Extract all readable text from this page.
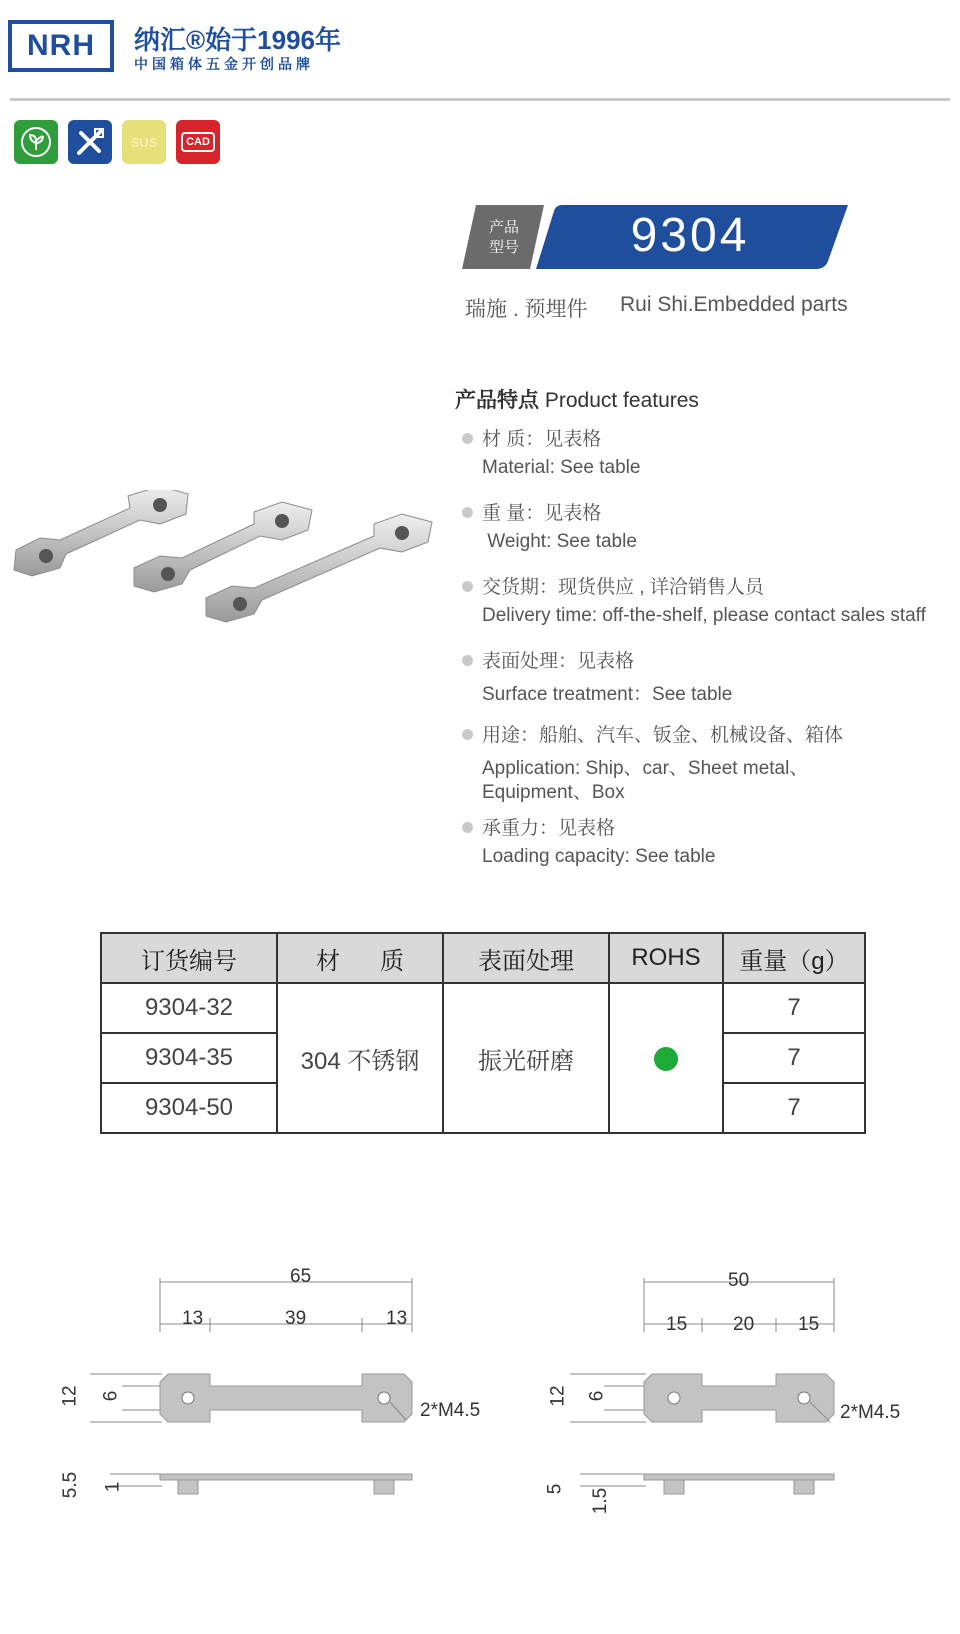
NRH 纳汇®始于1996年
中国箱体五金开创品牌
SUS	CAD
产品
型号	9304
瑞施 . 预埋件 Rui Shi.Embedded parts
产品特点 Product features
材 质：见表格
Material: See table
重 量：见表格
Weight: See table
交货期：现货供应 , 详洽销售人员
Delivery time: off-the-shelf, please contact sales staff
表面处理：见表格
Surface treatment：See table
用途：船舶、汽车、钣金、机械设备、箱体
Application: Ship、car、Sheet metal、
Equipment、Box
承重力：见表格
Loading capacity: See table
订货编号	材      质	表面处理	ROHS	重量（g）
9304-32	304 不锈钢	振光研磨		7
9304-35				7
9304-50				7
65
13	39	13
12 6
2*M4.5
5.5 1
50
15 20 15
12 6
2*M4.5
5 1.5
